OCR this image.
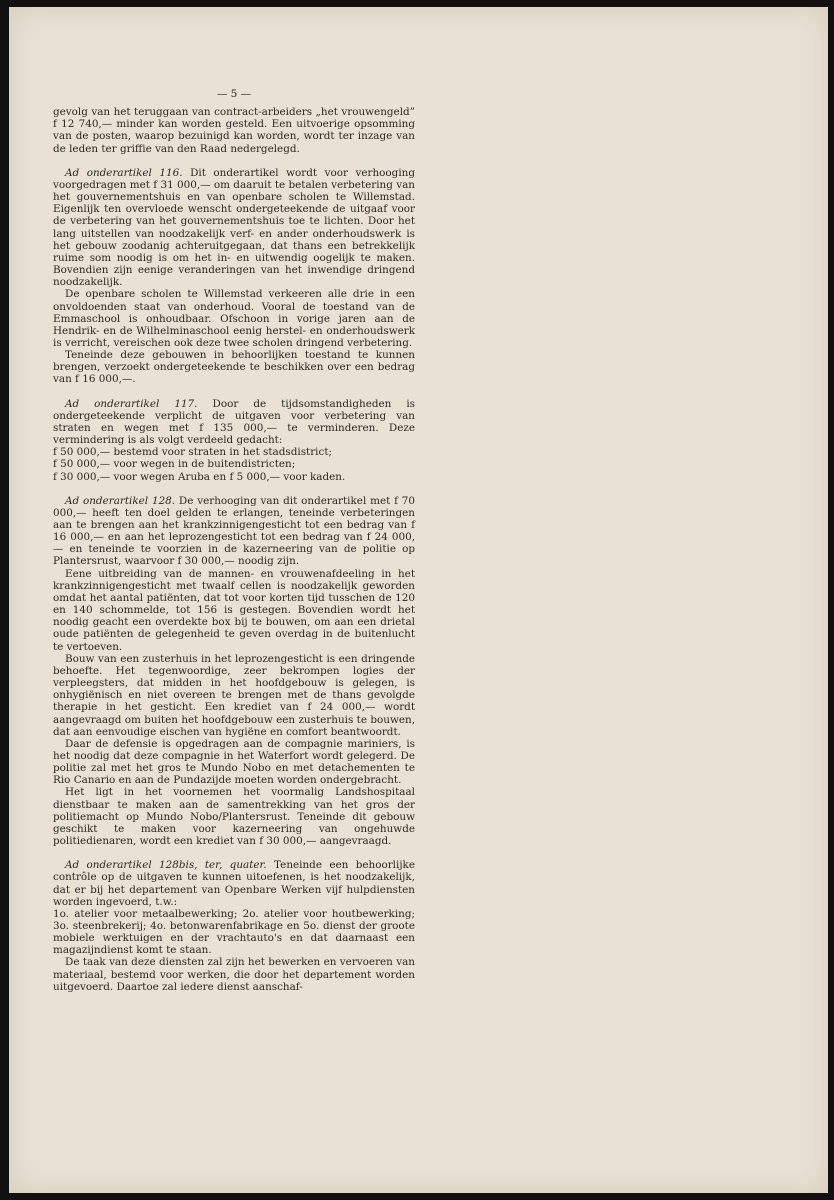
— 5 —

gevolg van het teruggaan van contract-arbeiders „het vrouwengeld” f 12 740,— minder kan worden gesteld. Een uitvoerige opsomming van de posten, waarop bezuinigd kan worden, wordt ter inzage van de leden ter griffie van den Raad nedergelegd.

Ad onderartikel 116. Dit onderartikel wordt voor verhooging voorgedragen met f 31 000,— om daaruit te betalen verbetering van het gouvernementshuis en van openbare scholen te Willemstad. Eigenlijk ten overvloede wenscht ondergeteekende de uitgaaf voor de verbetering van het gouvernementshuis toe te lichten. Door het lang uitstellen van noodzakelijk verf- en ander onderhoudswerk is het gebouw zoodanig achteruitgegaan, dat thans een betrekkelijk ruime som noodig is om het in- en uitwendig oogelijk te maken. Bovendien zijn eenige veranderingen van het inwendige dringend noodzakelijk.

De openbare scholen te Willemstad verkeeren alle drie in een onvoldoenden staat van onderhoud. Vooral de toestand van de Emmaschool is onhoudbaar. Ofschoon in vorige jaren aan de Hendrik- en de Wilhelminaschool eenig herstel- en onderhoudswerk is verricht, vereischen ook deze twee scholen dringend verbetering.

Teneinde deze gebouwen in behoorlijken toestand te kunnen brengen, verzoekt ondergeteekende te beschikken over een bedrag van f 16 000,—.

Ad onderartikel 117. Door de tijdsomstandigheden is ondergeteekende verplicht de uitgaven voor verbetering van straten en wegen met f 135 000,— te verminderen. Deze vermindering is als volgt verdeeld gedacht:

f 50 000,— bestemd voor straten in het stadsdistrict;
f 50 000,— voor wegen in de buitendistricten;
f 30 000,— voor wegen Aruba en f 5 000,— voor kaden.

Ad onderartikel 128. De verhooging van dit onderartikel met f 70 000,— heeft ten doel gelden te erlangen, teneinde verbeteringen aan te brengen aan het krankzinnigengesticht tot een bedrag van f 16 000,— en aan het leprozengesticht tot een bedrag van f 24 000,— en teneinde te voorzien in de kazerneering van de politie op Plantersrust, waarvoor f 30 000,— noodig zijn.

Eene uitbreiding van de mannen- en vrouwenafdeeling in het krankzinnigengesticht met twaalf cellen is noodzakelijk geworden omdat het aantal patiënten, dat tot voor korten tijd tusschen de 120 en 140 schommelde, tot 156 is gestegen. Bovendien wordt het noodig geacht een overdekte box bij te bouwen, om aan een drietal oude patiënten de gelegenheid te geven overdag in de buitenlucht te vertoeven.

Bouw van een zusterhuis in het leprozengesticht is een dringende behoefte. Het tegenwoordige, zeer bekrompen logies der verpleegsters, dat midden in het hoofdgebouw is gelegen, is onhygiënisch en niet overeen te brengen met de thans gevolgde therapie in het gesticht. Een krediet van f 24 000,— wordt aangevraagd om buiten het hoofdgebouw een zusterhuis te bouwen, dat aan eenvoudige eischen van hygiëne en comfort beantwoordt.

Daar de defensie is opgedragen aan de compagnie mariniers, is het noodig dat deze compagnie in het Waterfort wordt gelegerd. De politie zal met het gros te Mundo Nobo en met detachementen te Rio Canario en aan de Pundazijde moeten worden ondergebracht.

Het ligt in het voornemen het voormalig Landshospitaal dienstbaar te maken aan de samentrekking van het gros der politiemacht op Mundo Nobo/Plantersrust. Teneinde dit gebouw geschikt te maken voor kazerneering van ongehuwde politiedienaren, wordt een krediet van f 30 000,— aangevraagd.

Ad onderartikel 128bis, ter, quater. Teneinde een behoorlijke contrôle op de uitgaven te kunnen uitoefenen, is het noodzakelijk, dat er bij het departement van Openbare Werken vijf hulpdiensten worden ingevoerd, t.w.:

1o. atelier voor metaalbewerking; 2o. atelier voor houtbewerking; 3o. steenbrekerij; 4o. betonwarenfabrikage en 5o. dienst der groote mobiele werktuigen en der vrachtauto's en dat daarnaast een magazijndienst komt te staan.

De taak van deze diensten zal zijn het bewerken en vervoeren van materiaal, bestemd voor werken, die door het departement worden uitgevoerd. Daartoe zal iedere dienst aanschaf-
